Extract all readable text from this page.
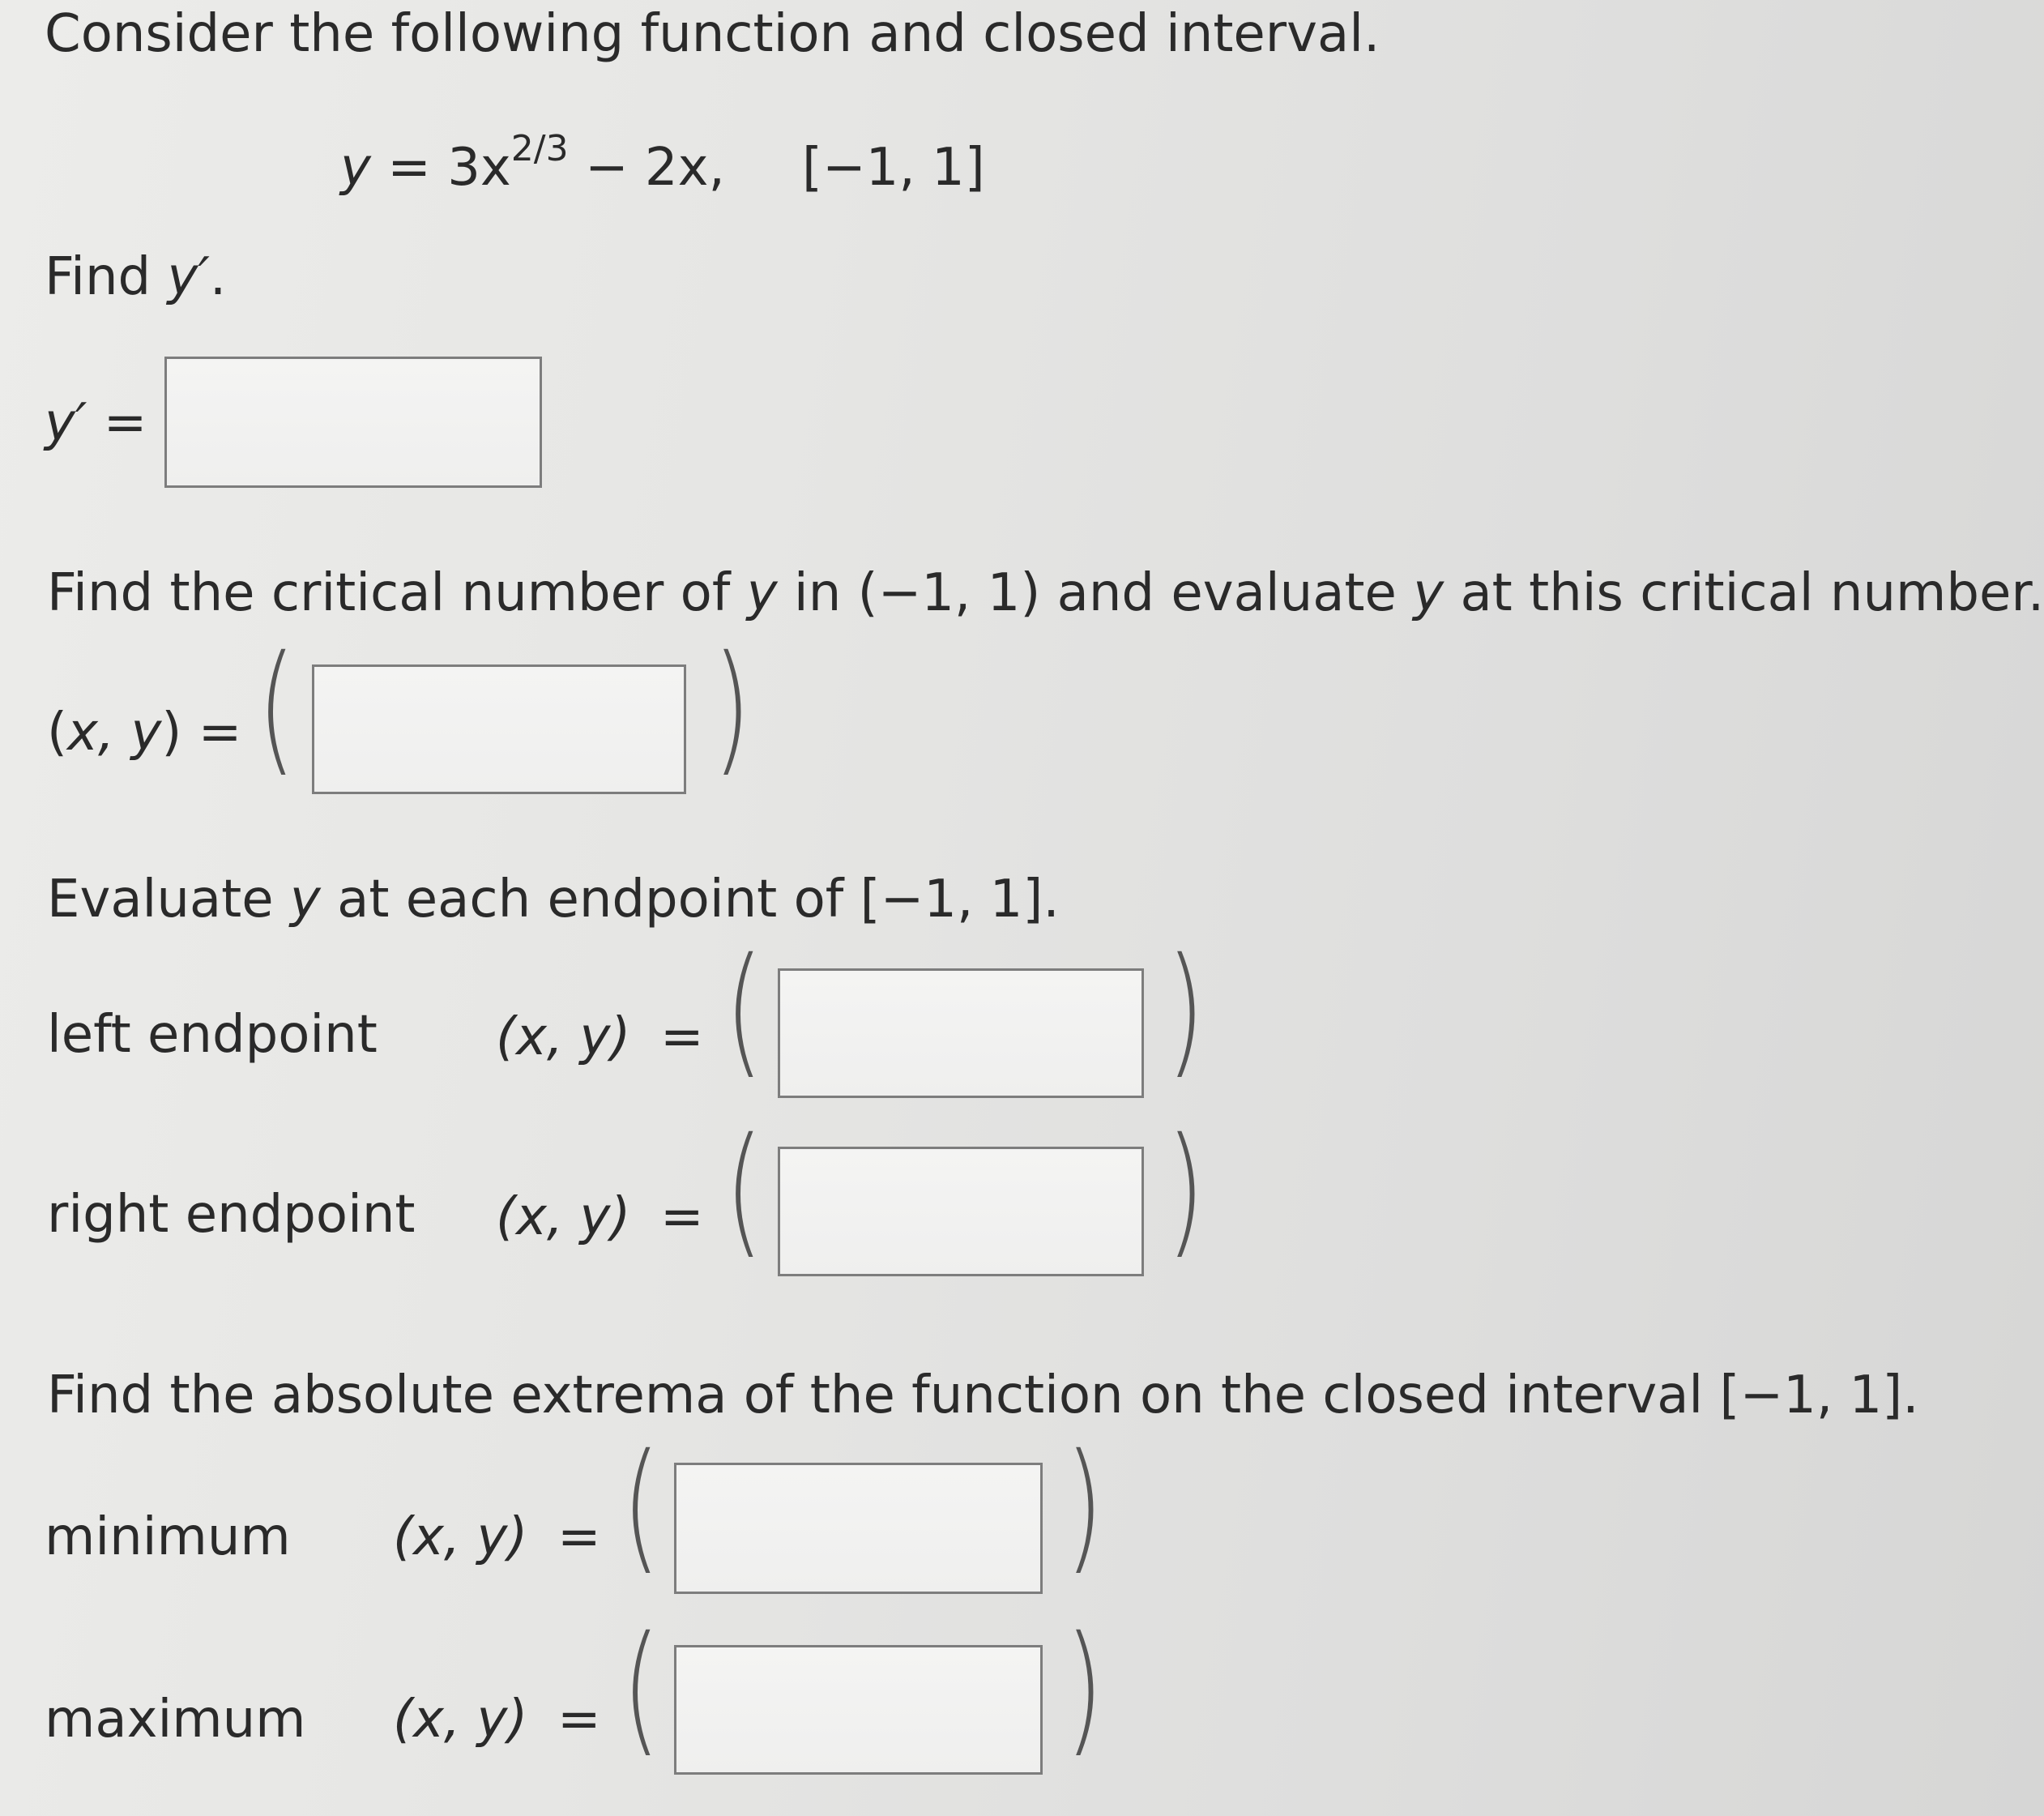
Consider the following function and closed interval.
$y = 3x^{2/3} - 2x$, [−1, 1]
Find y′.
y′ =
Find the critical number of y in (−1, 1) and evaluate y at this critical number.
(x, y) = (	)
Evaluate y at each endpoint of [−1, 1].
left endpoint (x, y) = (	)
right endpoint (x, y) = (	)
Find the absolute extrema of the function on the closed interval [−1, 1].
minimum (x, y) = (	)
maximum (x, y) = (	)
